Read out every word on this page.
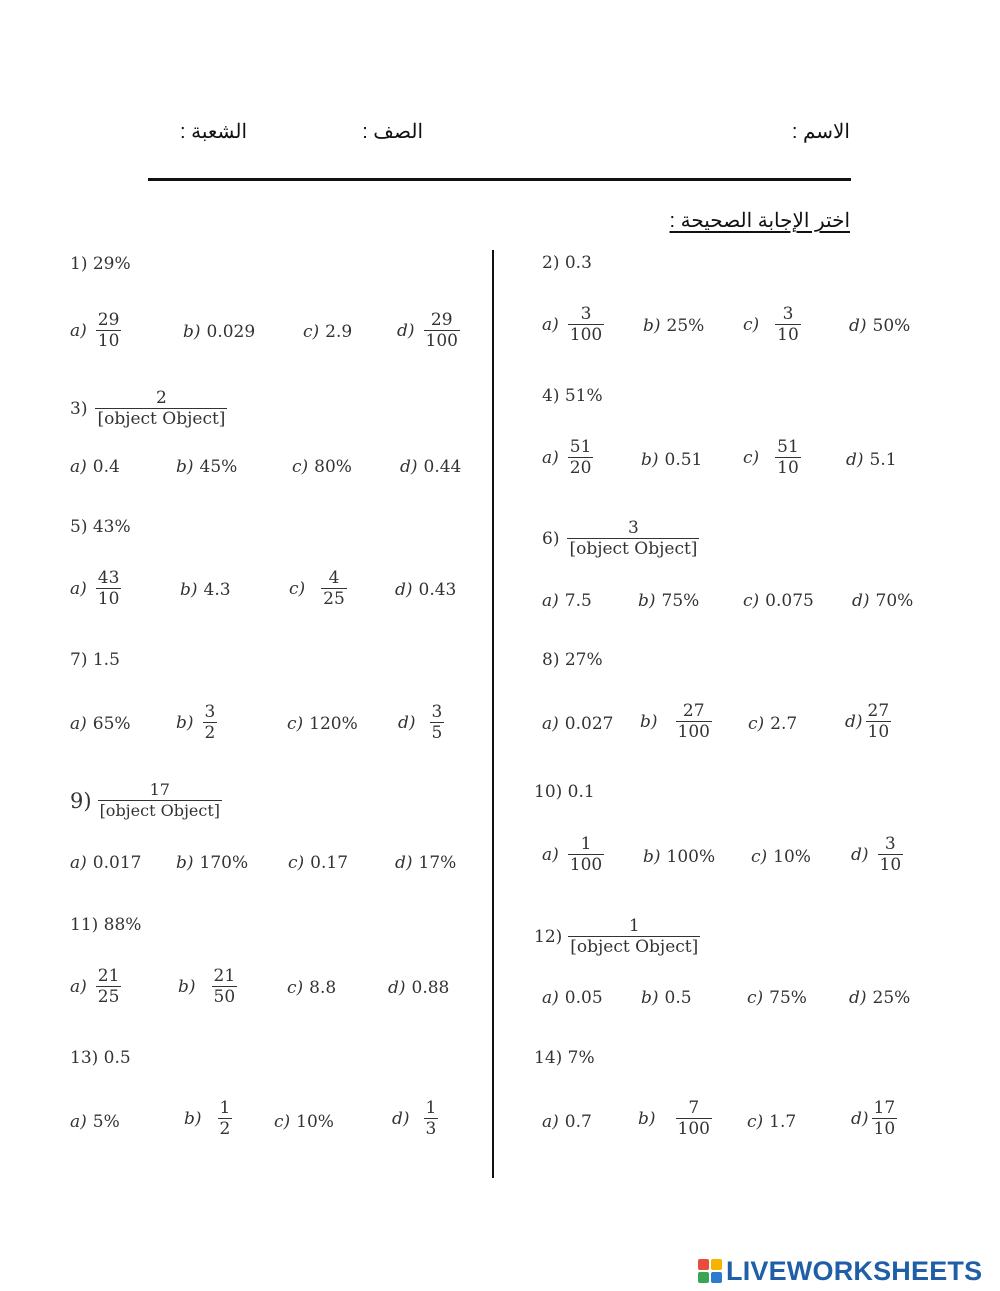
الاسم :
الصف :
الشعبة :
اختر الإجابة الصحيحة :
1) 29%
$a) \frac{29}{10}$	b) 0.029	c) 2.9	$d) \frac{29}{100}$
$3) \frac{2}{\text{[object Object]}}$
a) 0.4	b) 45%	c) 80%	d) 0.44
5) 43%
$a) \frac{43}{10}$	b) 4.3	$c) \frac{4}{25}$	d) 0.43
7) 1.5
a) 65%	$b) \frac{3}{2}$	c) 120% $d) \frac{3}{5}$
$9) \frac{17}{\text{[object Object]}}$
a) 0.017 b) 170% c) 0.17	d) 17%
11) 88%
$a) \frac{21}{25}$	$b) \frac{21}{50}$	c) 8.8	d) 0.88
13) 0.5
a) 5%	$b) \frac{1}{2} c$) 10%	$d) \frac{1}{3}$
2) 0.3
$a) \frac{3}{100} b$) 25% $c) \frac{3}{10}$	d) 50%
4) 51%
$a) \frac{51}{20}$	b) 0.51 $c) \frac{51}{10}$	d) 5.1
$6) \frac{3}{\text{[object Object]}}$
a) 7.5	b) 75%	c) 0.075 d) 70%
8) 27%
a) 0.027 $b) \frac{27}{100} c$) 2.7	$d) \frac{27}{10}$
10) 0.1
$a) \frac{1}{100} b$) 100% c) 10% $d) \frac{3}{10}$
$12) \frac{1}{\text{[object Object]}}$
a) 0.05 b) 0.5	c) 75% d) 25%
14) 7%
a) 0.7	$b) \frac{7}{100} c$) 1.7	$d) \frac{17}{10}$
LIVEWORKSHEETS
